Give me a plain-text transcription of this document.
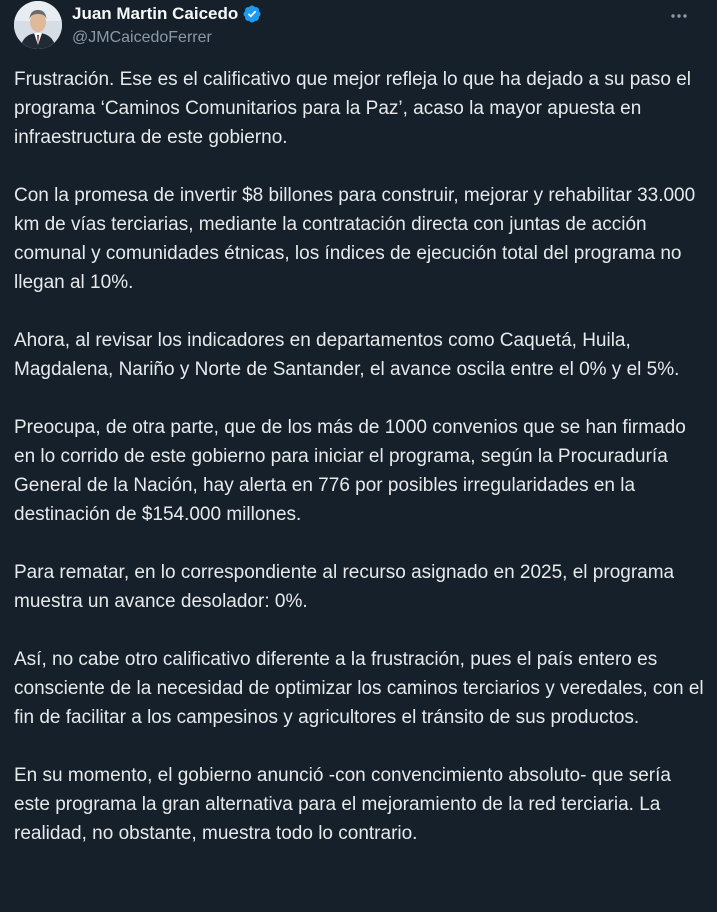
Juan Martin Caicedo
@JMCaicedoFerrer

Frustración. Ese es el calificativo que mejor refleja lo que ha dejado a su paso el programa ‘Caminos Comunitarios para la Paz’, acaso la mayor apuesta en infraestructura de este gobierno.

Con la promesa de invertir $8 billones para construir, mejorar y rehabilitar 33.000 km de vías terciarias, mediante la contratación directa con juntas de acción comunal y comunidades étnicas, los índices de ejecución total del programa no llegan al 10%.

Ahora, al revisar los indicadores en departamentos como Caquetá, Huila, Magdalena, Nariño y Norte de Santander, el avance oscila entre el 0% y el 5%.

Preocupa, de otra parte, que de los más de 1000 convenios que se han firmado en lo corrido de este gobierno para iniciar el programa, según la Procuraduría General de la Nación, hay alerta en 776 por posibles irregularidades en la destinación de $154.000 millones.

Para rematar, en lo correspondiente al recurso asignado en 2025, el programa muestra un avance desolador: 0%.

Así, no cabe otro calificativo diferente a la frustración, pues el país entero es consciente de la necesidad de optimizar los caminos terciarios y veredales, con el fin de facilitar a los campesinos y agricultores el tránsito de sus productos.

En su momento, el gobierno anunció -con convencimiento absoluto- que sería este programa la gran alternativa para el mejoramiento de la red terciaria. La realidad, no obstante, muestra todo lo contrario.
